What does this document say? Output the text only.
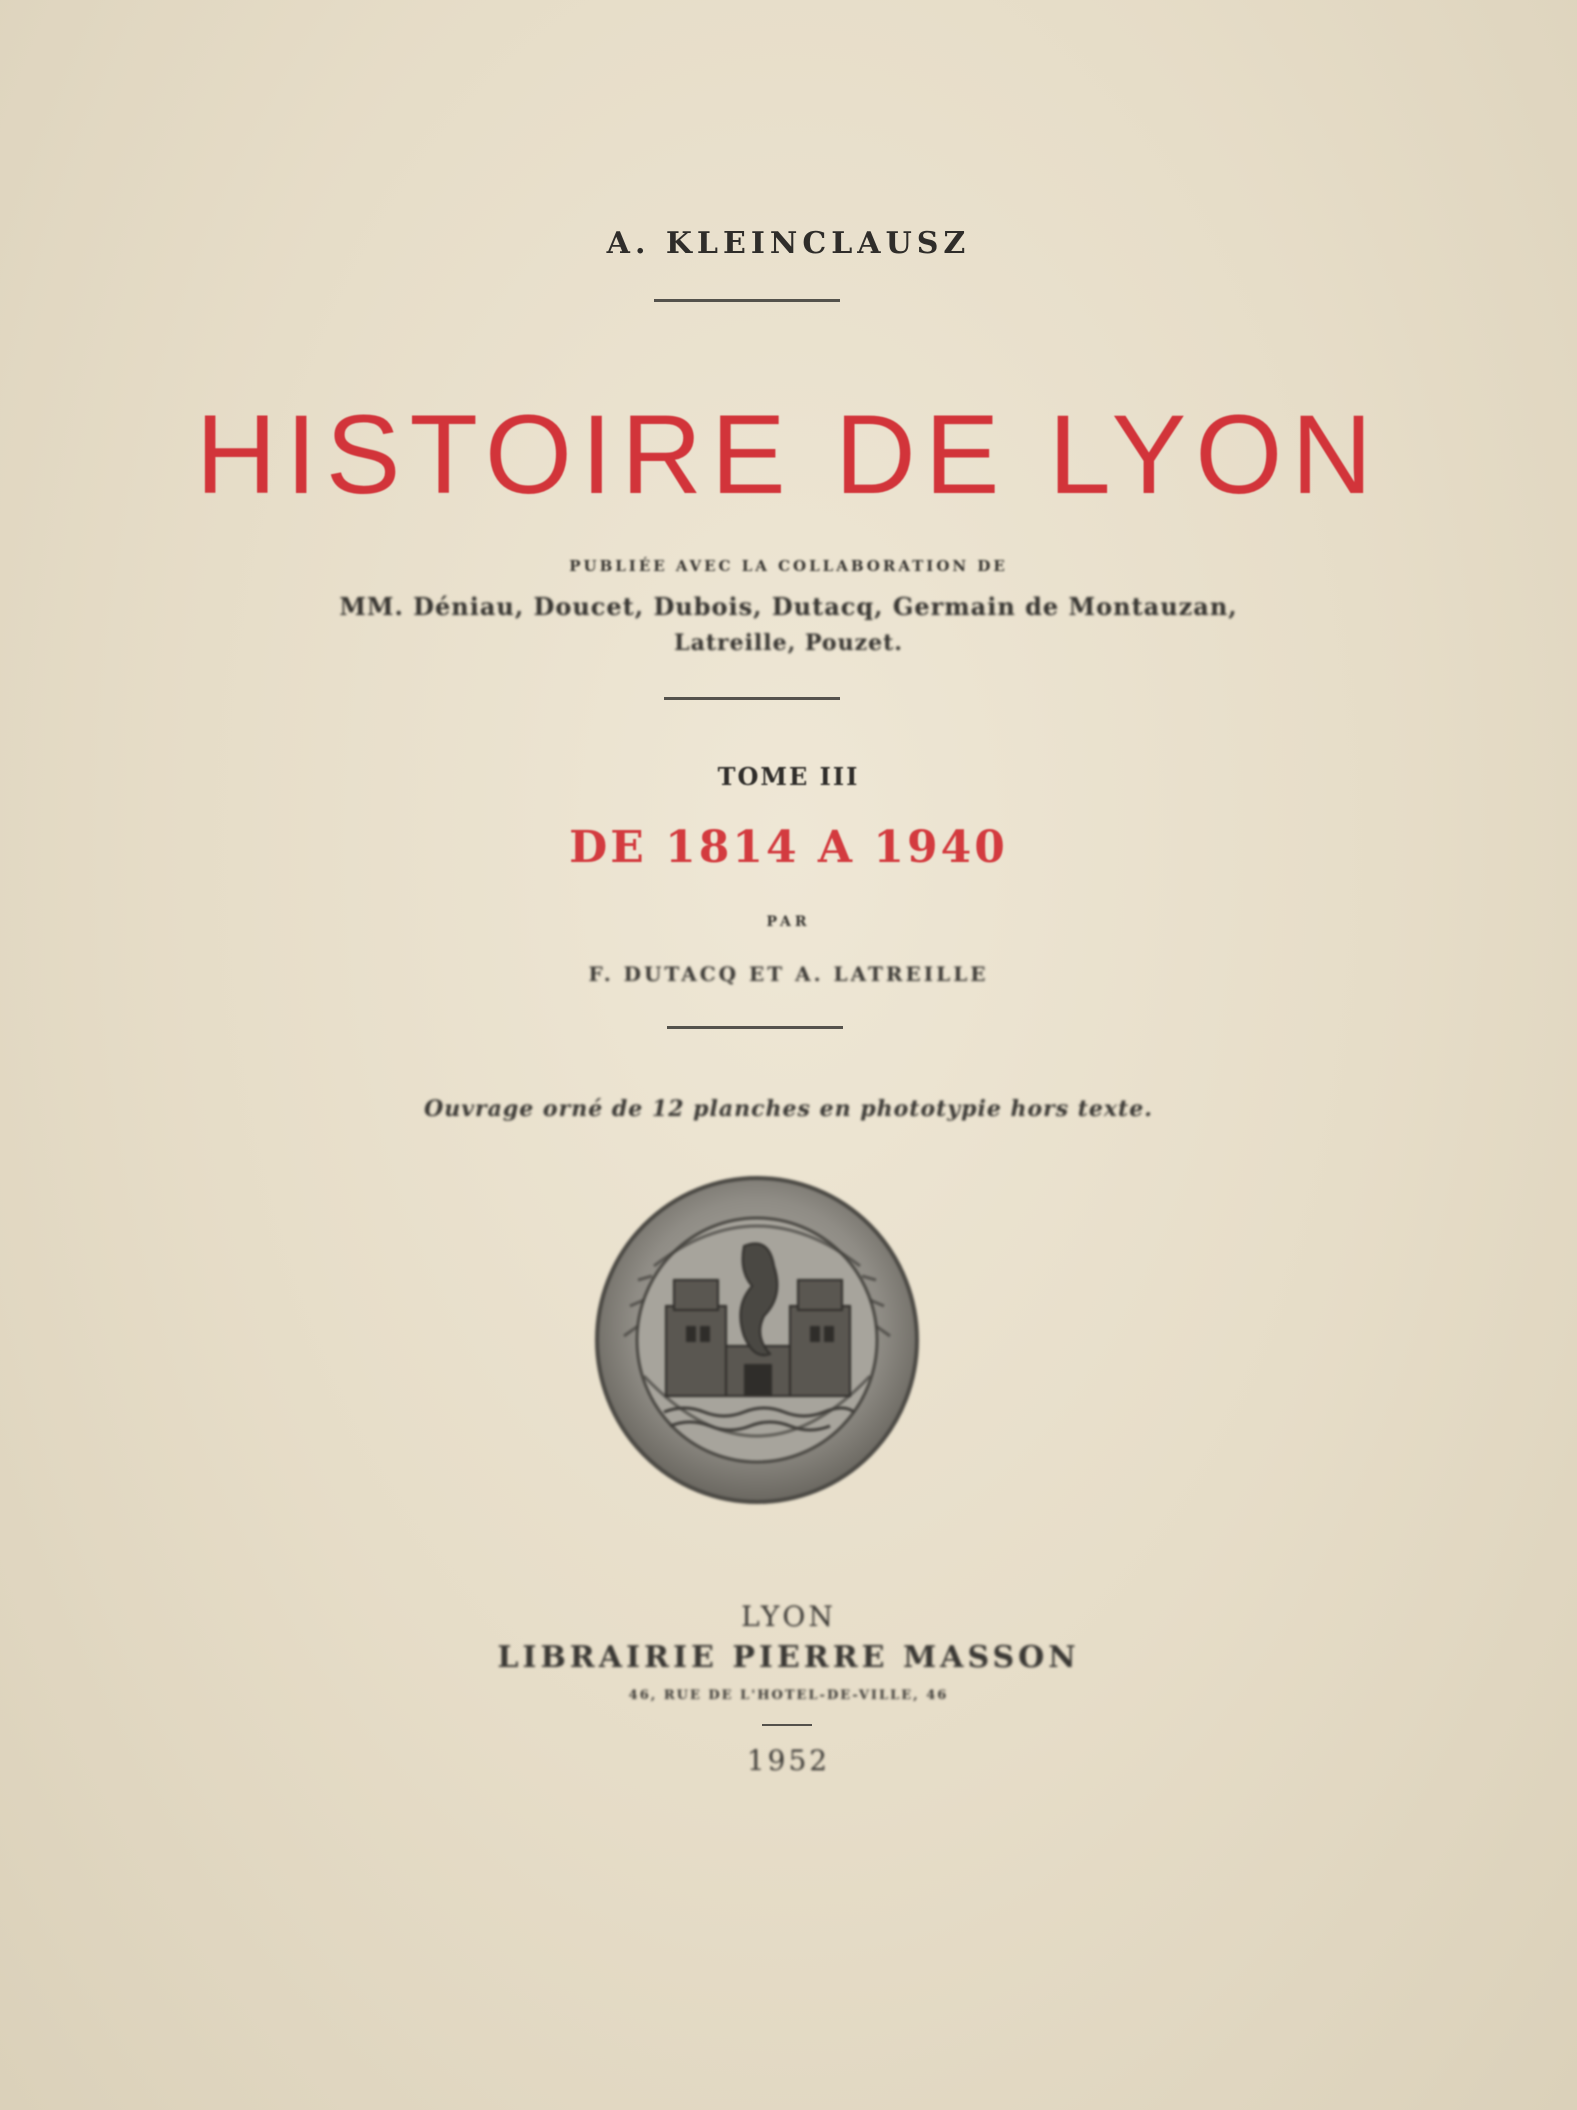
A. KLEINCLAUSZ
HISTOIRE DE LYON
PUBLIÉE AVEC LA COLLABORATION DE
MM. Déniau, Doucet, Dubois, Dutacq, Germain de Montauzan,
Latreille, Pouzet.
TOME III
DE 1814 A 1940
PAR
F. DUTACQ ET A. LATREILLE
Ouvrage orné de 12 planches en phototypie hors texte.
LYON
LIBRAIRIE PIERRE MASSON
46, RUE DE L'HOTEL-DE-VILLE, 46
1952
